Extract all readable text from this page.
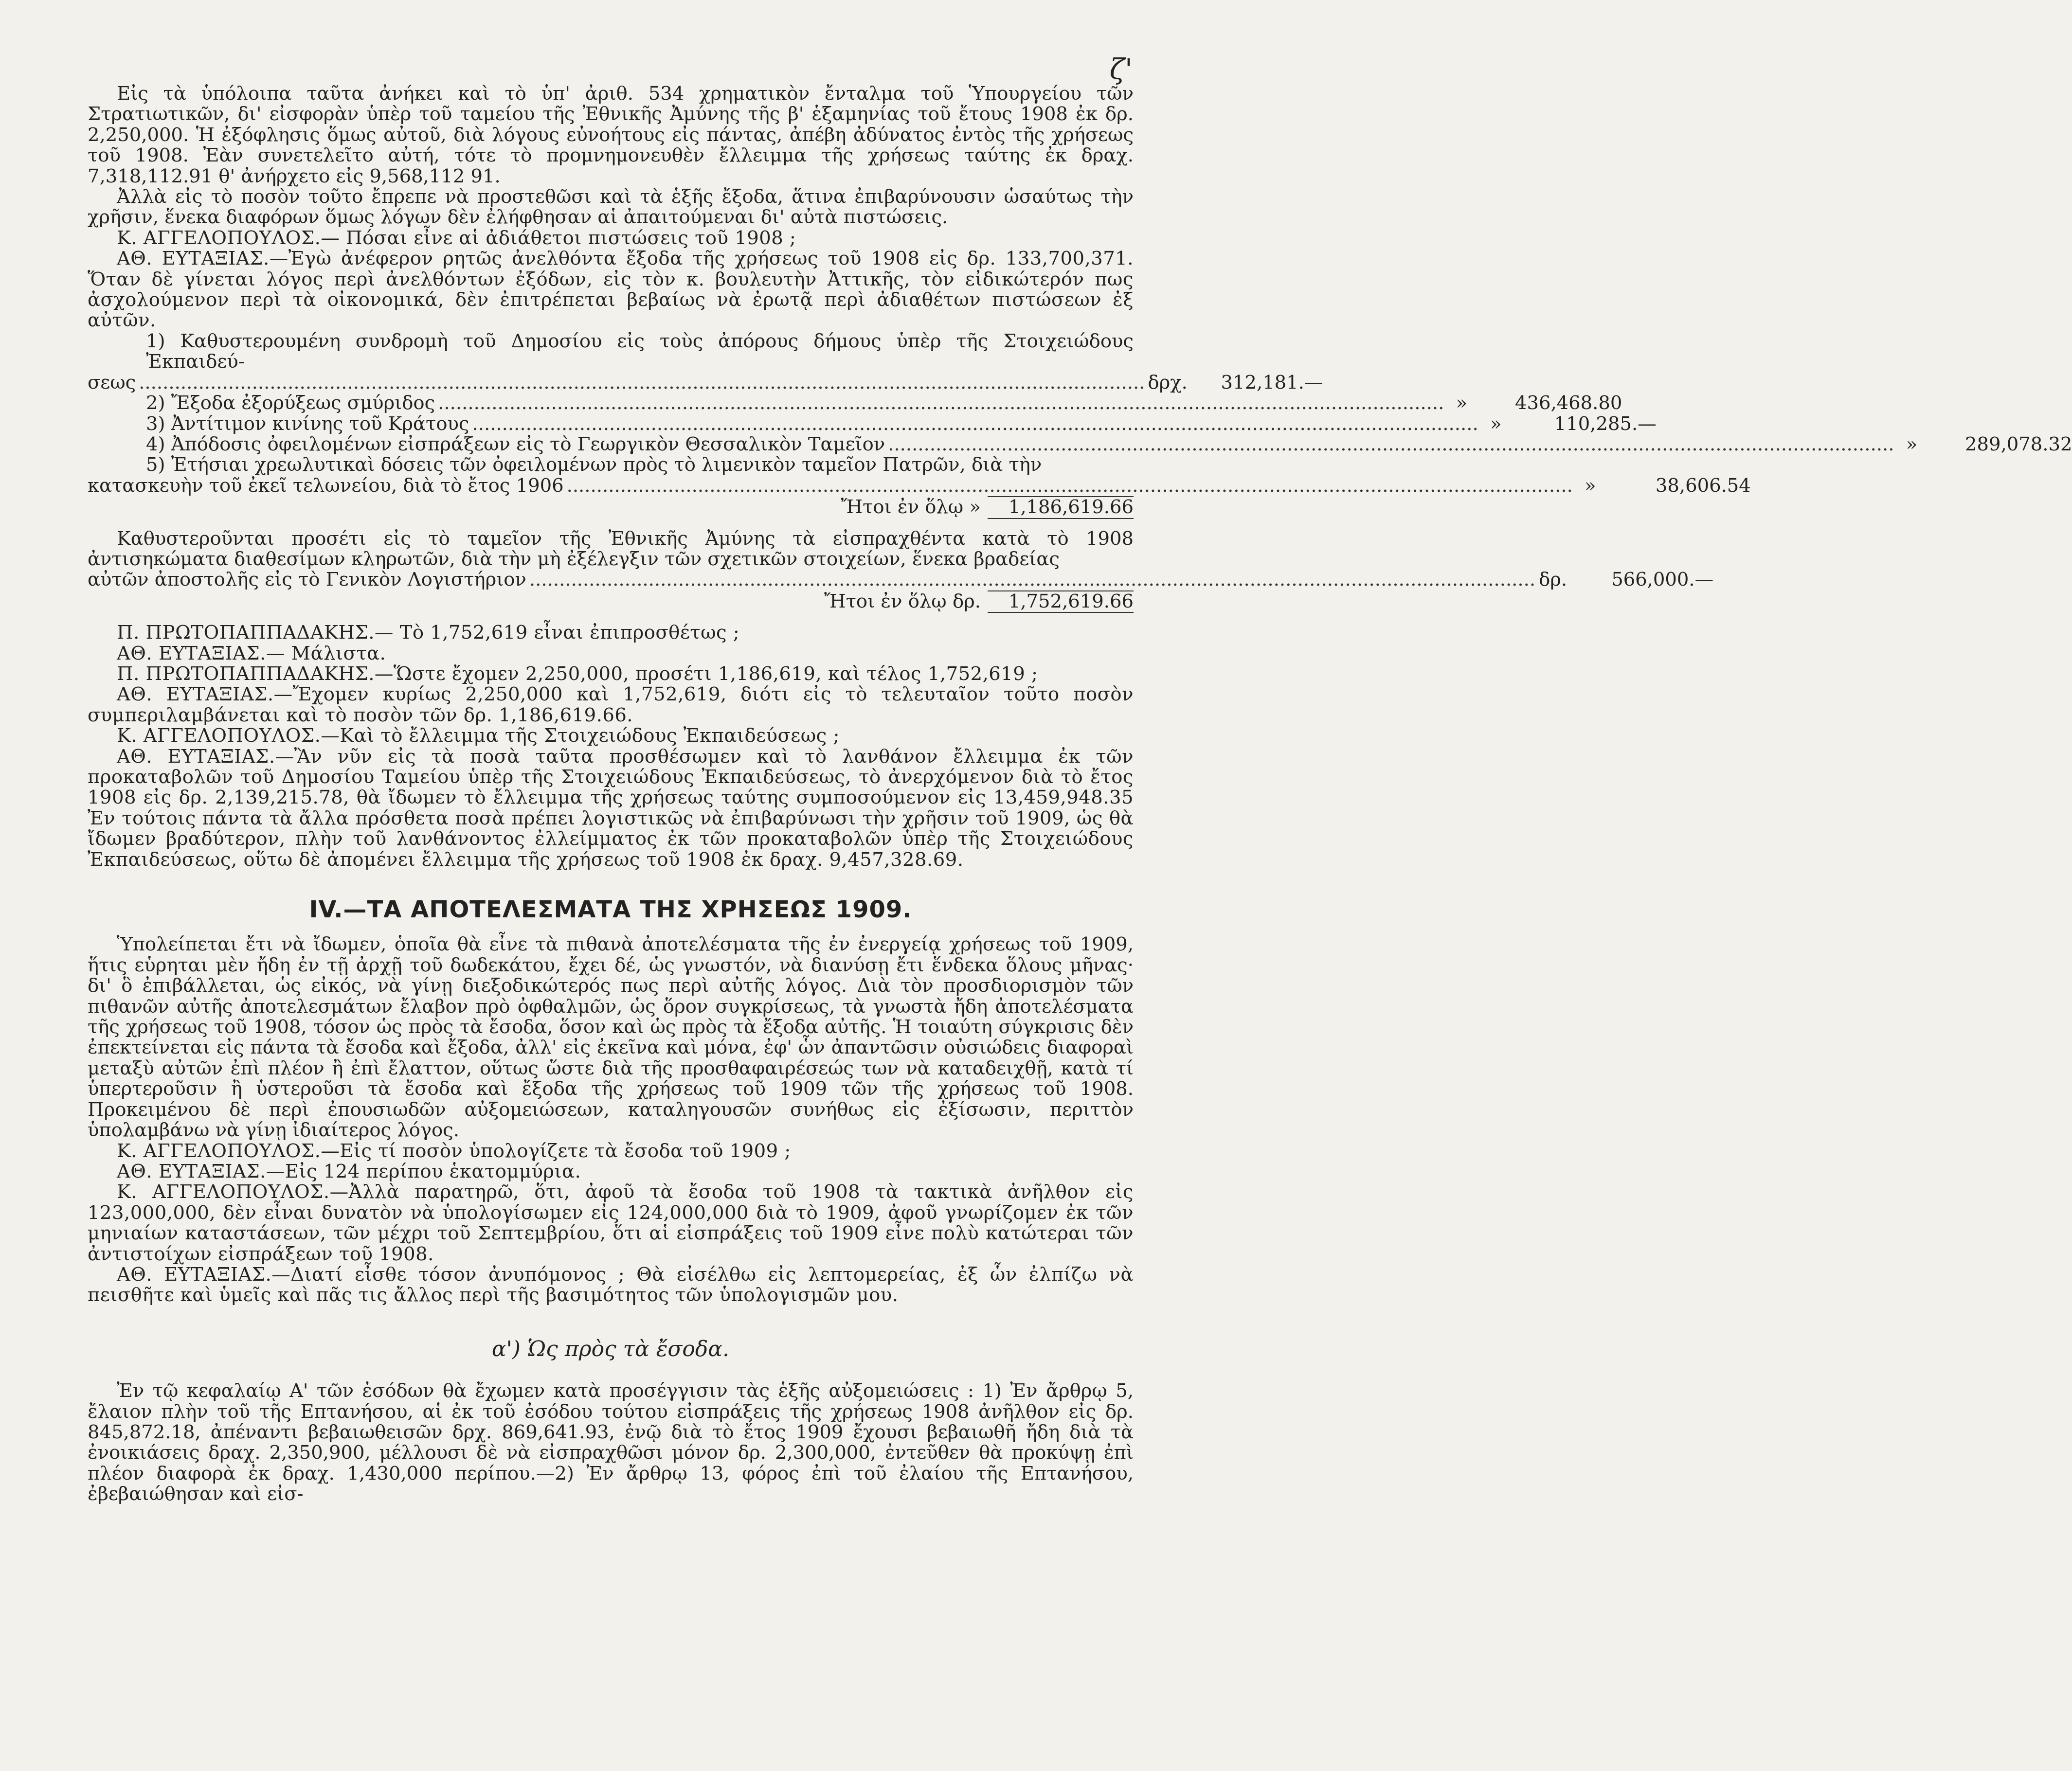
ζ'

Εἰς τὰ ὑπόλοιπα ταῦτα ἀνήκει καὶ τὸ ὑπ' ἀριθ. 534 χρηματικὸν ἔνταλμα τοῦ Ὑπουργείου τῶν Στρατιωτικῶν, δι' εἰσφορὰν ὑπὲρ τοῦ ταμείου τῆς Ἐθνικῆς Ἀμύνης τῆς β' ἑξαμηνίας τοῦ ἔτους 1908 ἐκ δρ. 2,250,000. Ἡ ἐξόφλησις ὅμως αὐτοῦ, διὰ λόγους εὐνοήτους εἰς πάντας, ἀπέβη ἀδύνατος ἐντὸς τῆς χρήσεως τοῦ 1908. Ἐὰν συνετελεῖτο αὐτή, τότε τὸ προμνημονευθὲν ἔλλειμμα τῆς χρήσεως ταύτης ἐκ δραχ. 7,318,112.91 θ' ἀνήρχετο εἰς 9,568,112 91.

Ἀλλὰ εἰς τὸ ποσὸν τοῦτο ἔπρεπε νὰ προστεθῶσι καὶ τὰ ἑξῆς ἔξοδα, ἅτινα ἐπιβαρύνουσιν ὡσαύτως τὴν χρῆσιν, ἕνεκα διαφόρων ὅμως λόγων δὲν ἐλήφθησαν αἱ ἀπαιτούμεναι δι' αὐτὰ πιστώσεις.

Κ. ΑΓΓΕΛΟΠΟΥΛΟΣ.— Πόσαι εἶνε αἱ ἀδιάθετοι πιστώσεις τοῦ 1908 ;

ΑΘ. ΕΥΤΑΞΙΑΣ.—Ἐγὼ ἀνέφερον ρητῶς ἀνελθόντα ἔξοδα τῆς χρήσεως τοῦ 1908 εἰς δρ. 133,700,371. Ὅταν δὲ γίνεται λόγος περὶ ἀνελθόντων ἐξόδων, εἰς τὸν κ. βουλευτὴν Ἀττικῆς, τὸν εἰδικώτερόν πως ἀσχολούμενον περὶ τὰ οἰκονομικά, δὲν ἐπιτρέπεται βεβαίως νὰ ἐρωτᾷ περὶ ἀδιαθέτων πιστώσεων ἐξ αὐτῶν.

1) Καθυστερουμένη συνδρομὴ τοῦ Δημοσίου εἰς τοὺς ἀπόρους δήμους ὑπὲρ τῆς Στοιχειώδους Ἐκπαιδεύ-

σεως ......................................................................................................................................................................... δρχ.	312,181.—
2) Ἔξοδα ἐξορύξεως σμύριδος ......................................................................................................................................................................... »	436,468.80
3) Ἀντίτιμον κινίνης τοῦ Κράτους ......................................................................................................................................................................... »	110,285.—
4) Ἀπόδοσις ὀφειλομένων εἰσπράξεων εἰς τὸ Γεωργικὸν Θεσσαλικὸν Ταμεῖον ......................................................................................................................................................................... »	289,078.32

5) Ἐτήσιαι χρεωλυτικαὶ δόσεις τῶν ὀφειλομένων πρὸς τὸ λιμενικὸν ταμεῖον Πατρῶν, διὰ τὴν

κατασκευὴν τοῦ ἐκεῖ τελωνείου, διὰ τὸ ἔτος 1906 ......................................................................................................................................................................... »	38,606.54
Ἤτοι ἐν ὅλῳ »	1,186,619.66

Καθυστεροῦνται προσέτι εἰς τὸ ταμεῖον τῆς Ἐθνικῆς Ἀμύνης τὰ εἰσπραχθέντα κατὰ τὸ 1908 ἀντισηκώματα διαθεσίμων κληρωτῶν, διὰ τὴν μὴ ἐξέλεγξιν τῶν σχετικῶν στοιχείων, ἕνεκα βραδείας

αὐτῶν ἀποστολῆς εἰς τὸ Γενικὸν Λογιστήριον ......................................................................................................................................................................... δρ.	566,000.—
Ἤτοι ἐν ὅλῳ δρ.	1,752,619.66

Π. ΠΡΩΤΟΠΑΠΠΑΔΑΚΗΣ.— Τὸ 1,752,619 εἶναι ἐπιπροσθέτως ;

ΑΘ. ΕΥΤΑΞΙΑΣ.— Μάλιστα.

Π. ΠΡΩΤΟΠΑΠΠΑΔΑΚΗΣ.—Ὥστε ἔχομεν 2,250,000, προσέτι 1,186,619, καὶ τέλος 1,752,619 ;

ΑΘ. ΕΥΤΑΞΙΑΣ.—Ἔχομεν κυρίως 2,250,000 καὶ 1,752,619, διότι εἰς τὸ τελευταῖον τοῦτο ποσὸν συμπεριλαμβάνεται καὶ τὸ ποσὸν τῶν δρ. 1,186,619.66.

Κ. ΑΓΓΕΛΟΠΟΥΛΟΣ.—Καὶ τὸ ἔλλειμμα τῆς Στοιχειώδους Ἐκπαιδεύσεως ;

ΑΘ. ΕΥΤΑΞΙΑΣ.—Ἂν νῦν εἰς τὰ ποσὰ ταῦτα προσθέσωμεν καὶ τὸ λανθάνον ἔλλειμμα ἐκ τῶν προκαταβολῶν τοῦ Δημοσίου Ταμείου ὑπὲρ τῆς Στοιχειώδους Ἐκπαιδεύσεως, τὸ ἀνερχόμενον διὰ τὸ ἔτος 1908 εἰς δρ. 2,139,215.78, θὰ ἴδωμεν τὸ ἔλλειμμα τῆς χρήσεως ταύτης συμποσούμενον εἰς 13,459,948.35 Ἐν τούτοις πάντα τὰ ἄλλα πρόσθετα ποσὰ πρέπει λογιστικῶς νὰ ἐπιβαρύνωσι τὴν χρῆσιν τοῦ 1909, ὡς θὰ ἴδωμεν βραδύτερον, πλὴν τοῦ λανθάνοντος ἐλλείμματος ἐκ τῶν προκαταβολῶν ὑπὲρ τῆς Στοιχειώδους Ἐκπαιδεύσεως, οὕτω δὲ ἀπομένει ἔλλειμμα τῆς χρήσεως τοῦ 1908 ἐκ δραχ. 9,457,328.69.

IV.—ΤΑ ΑΠΟΤΕΛΕΣΜΑΤΑ ΤΗΣ ΧΡΗΣΕΩΣ 1909.

Ὑπολείπεται ἔτι νὰ ἴδωμεν, ὁποῖα θὰ εἶνε τὰ πιθανὰ ἀποτελέσματα τῆς ἐν ἐνεργείᾳ χρήσεως τοῦ 1909, ἥτις εὑρηται μὲν ἤδη ἐν τῇ ἀρχῇ τοῦ δωδεκάτου, ἔχει δέ, ὡς γνωστόν, νὰ διανύσῃ ἔτι ἕνδεκα ὅλους μῆνας· δι' ὃ ἐπιβάλλεται, ὡς εἰκός, νὰ γίνῃ διεξοδικώτερός πως περὶ αὐτῆς λόγος. Διὰ τὸν προσδιορισμὸν τῶν πιθανῶν αὐτῆς ἀποτελεσμάτων ἔλαβον πρὸ ὀφθαλμῶν, ὡς ὅρον συγκρίσεως, τὰ γνωστὰ ἤδη ἀποτελέσματα τῆς χρήσεως τοῦ 1908, τόσον ὡς πρὸς τὰ ἔσοδα, ὅσον καὶ ὡς πρὸς τὰ ἔξοδα αὐτῆς. Ἡ τοιαύτη σύγκρισις δὲν ἐπεκτείνεται εἰς πάντα τὰ ἔσοδα καὶ ἔξοδα, ἀλλ' εἰς ἐκεῖνα καὶ μόνα, ἐφ' ὧν ἀπαντῶσιν οὐσιώδεις διαφοραὶ μεταξὺ αὐτῶν ἐπὶ πλέον ἢ ἐπὶ ἔλαττον, οὕτως ὥστε διὰ τῆς προσθαφαιρέσεώς των νὰ καταδειχθῇ, κατὰ τί ὑπερτεροῦσιν ἢ ὑστεροῦσι τὰ ἔσοδα καὶ ἔξοδα τῆς χρήσεως τοῦ 1909 τῶν τῆς χρήσεως τοῦ 1908. Προκειμένου δὲ περὶ ἐπουσιωδῶν αὐξομειώσεων, καταληγουσῶν συνήθως εἰς ἐξίσωσιν, περιττὸν ὑπολαμβάνω νὰ γίνῃ ἰδιαίτερος λόγος.

Κ. ΑΓΓΕΛΟΠΟΥΛΟΣ.—Εἰς τί ποσὸν ὑπολογίζετε τὰ ἔσοδα τοῦ 1909 ;

ΑΘ. ΕΥΤΑΞΙΑΣ.—Εἰς 124 περίπου ἑκατομμύρια.

Κ. ΑΓΓΕΛΟΠΟΥΛΟΣ.—Ἀλλὰ παρατηρῶ, ὅτι, ἀφοῦ τὰ ἔσοδα τοῦ 1908 τὰ τακτικὰ ἀνῆλθον εἰς 123,000,000, δὲν εἶναι δυνατὸν νὰ ὑπολογίσωμεν εἰς 124,000,000 διὰ τὸ 1909, ἀφοῦ γνωρίζομεν ἐκ τῶν μηνιαίων καταστάσεων, τῶν μέχρι τοῦ Σεπτεμβρίου, ὅτι αἱ εἰσπράξεις τοῦ 1909 εἶνε πολὺ κατώτεραι τῶν ἀντιστοίχων εἰσπράξεων τοῦ 1908.

ΑΘ. ΕΥΤΑΞΙΑΣ.—Διατί εἶσθε τόσον ἀνυπόμονος ; Θὰ εἰσέλθω εἰς λεπτομερείας, ἐξ ὧν ἐλπίζω νὰ πεισθῆτε καὶ ὑμεῖς καὶ πᾶς τις ἄλλος περὶ τῆς βασιμότητος τῶν ὑπολογισμῶν μου.

α') Ὡς πρὸς τὰ ἔσοδα.

Ἐν τῷ κεφαλαίῳ Α' τῶν ἐσόδων θὰ ἔχωμεν κατὰ προσέγγισιν τὰς ἑξῆς αὐξομειώσεις : 1) Ἐν ἄρθρῳ 5, ἔλαιον πλὴν τοῦ τῆς Επτανήσου, αἱ ἐκ τοῦ ἐσόδου τούτου εἰσπράξεις τῆς χρήσεως 1908 ἀνῆλθον εἰς δρ. 845,872.18, ἀπέναντι βεβαιωθεισῶν δρχ. 869,641.93, ἐνῷ διὰ τὸ ἔτος 1909 ἔχουσι βεβαιωθῆ ἤδη διὰ τὰ ἐνοικιάσεις δραχ. 2,350,900, μέλλουσι δὲ νὰ εἰσπραχθῶσι μόνον δρ. 2,300,000, ἐντεῦθεν θὰ προκύψῃ ἐπὶ πλέον διαφορὰ ἐκ δραχ. 1,430,000 περίπου.—2) Ἐν ἄρθρῳ 13, φόρος ἐπὶ τοῦ ἐλαίου τῆς Επτανήσου, ἐβεβαιώθησαν καὶ εἰσ-
